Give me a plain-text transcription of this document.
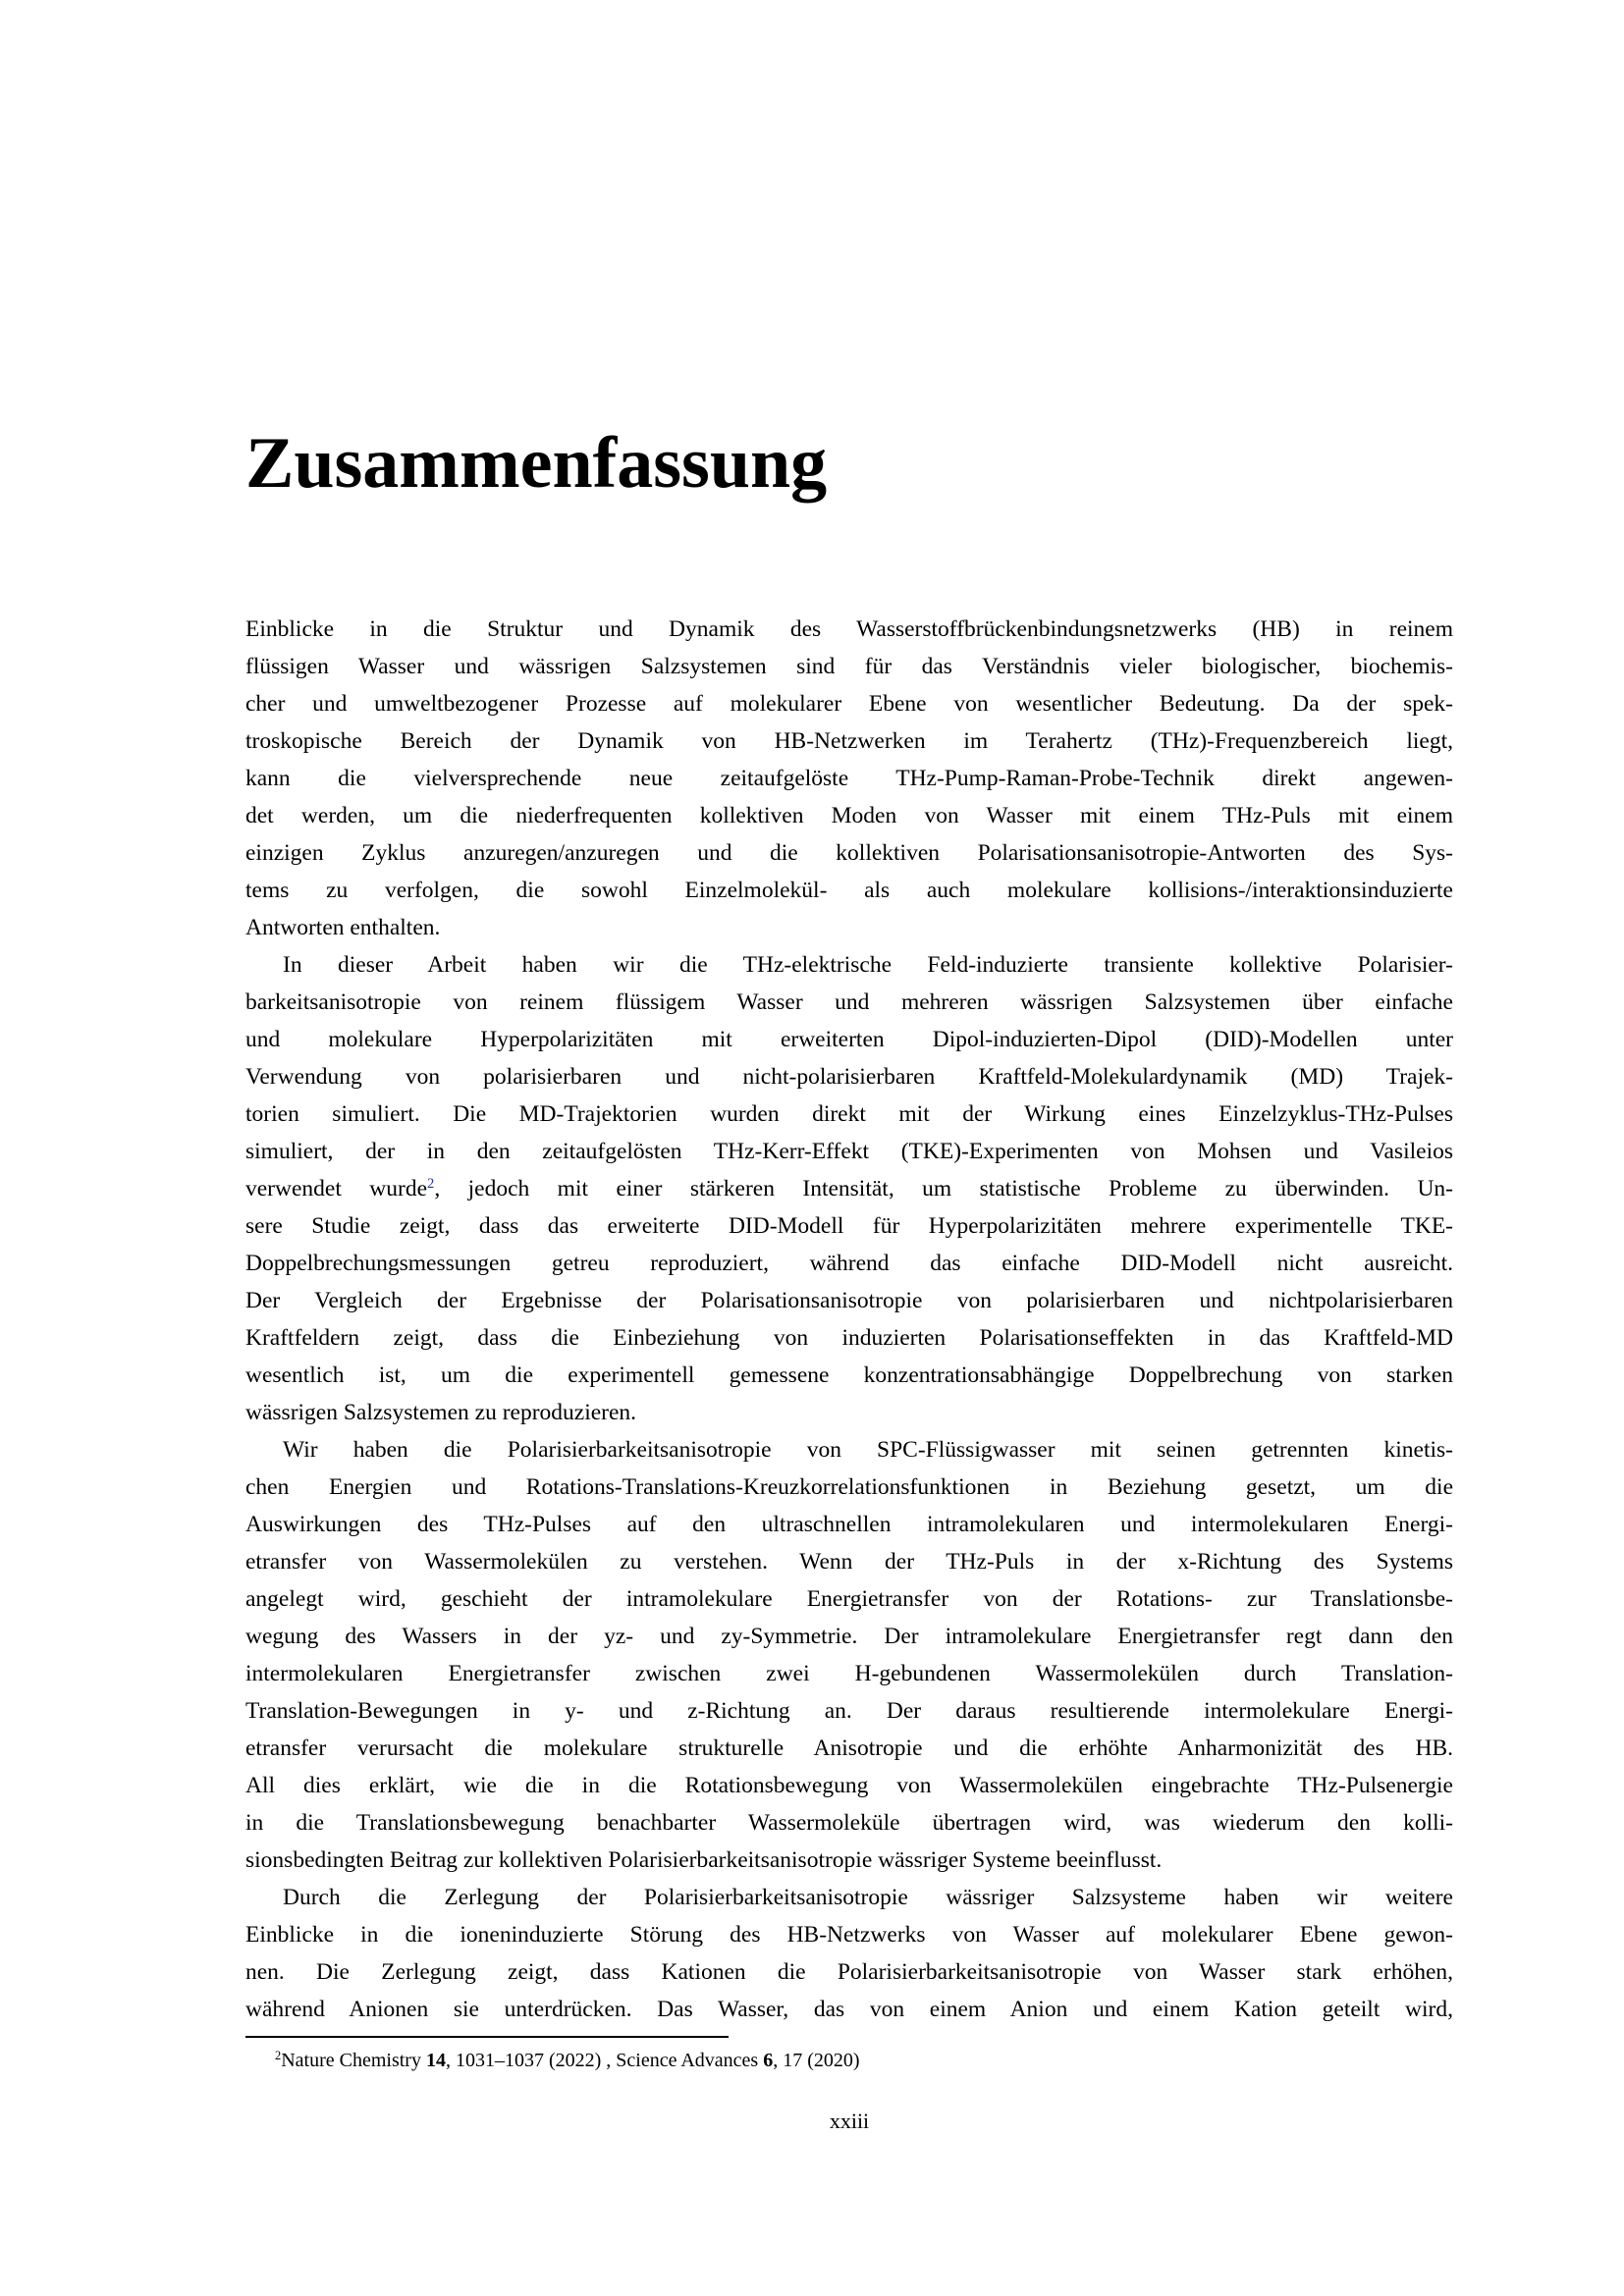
Zusammenfassung
Einblicke in die Struktur und Dynamik des Wasserstoffbrückenbindungsnetzwerks (HB) in reinem
flüssigen Wasser und wässrigen Salzsystemen sind für das Verständnis vieler biologischer, biochemis-
cher und umweltbezogener Prozesse auf molekularer Ebene von wesentlicher Bedeutung. Da der spek-
troskopische Bereich der Dynamik von HB-Netzwerken im Terahertz (THz)-Frequenzbereich liegt,
kann die vielversprechende neue zeitaufgelöste THz-Pump-Raman-Probe-Technik direkt angewen-
det werden, um die niederfrequenten kollektiven Moden von Wasser mit einem THz-Puls mit einem
einzigen Zyklus anzuregen/anzuregen und die kollektiven Polarisationsanisotropie-Antworten des Sys-
tems zu verfolgen, die sowohl Einzelmolekül- als auch molekulare kollisions-/interaktionsinduzierte
Antworten enthalten.
In dieser Arbeit haben wir die THz-elektrische Feld-induzierte transiente kollektive Polarisier-
barkeitsanisotropie von reinem flüssigem Wasser und mehreren wässrigen Salzsystemen über einfache
und molekulare Hyperpolarizitäten mit erweiterten Dipol-induzierten-Dipol (DID)-Modellen unter
Verwendung von polarisierbaren und nicht-polarisierbaren Kraftfeld-Molekulardynamik (MD) Trajek-
torien simuliert. Die MD-Trajektorien wurden direkt mit der Wirkung eines Einzelzyklus-THz-Pulses
simuliert, der in den zeitaufgelösten THz-Kerr-Effekt (TKE)-Experimenten von Mohsen und Vasileios
verwendet wurde$^2$, jedoch mit einer stärkeren Intensität, um statistische Probleme zu überwinden. Un-
sere Studie zeigt, dass das erweiterte DID-Modell für Hyperpolarizitäten mehrere experimentelle TKE-
Doppelbrechungsmessungen getreu reproduziert, während das einfache DID-Modell nicht ausreicht.
Der Vergleich der Ergebnisse der Polarisationsanisotropie von polarisierbaren und nichtpolarisierbaren
Kraftfeldern zeigt, dass die Einbeziehung von induzierten Polarisationseffekten in das Kraftfeld-MD
wesentlich ist, um die experimentell gemessene konzentrationsabhängige Doppelbrechung von starken
wässrigen Salzsystemen zu reproduzieren.
Wir haben die Polarisierbarkeitsanisotropie von SPC-Flüssigwasser mit seinen getrennten kinetis-
chen Energien und Rotations-Translations-Kreuzkorrelationsfunktionen in Beziehung gesetzt, um die
Auswirkungen des THz-Pulses auf den ultraschnellen intramolekularen und intermolekularen Energi-
etransfer von Wassermolekülen zu verstehen. Wenn der THz-Puls in der x-Richtung des Systems
angelegt wird, geschieht der intramolekulare Energietransfer von der Rotations- zur Translationsbe-
wegung des Wassers in der yz- und zy-Symmetrie. Der intramolekulare Energietransfer regt dann den
intermolekularen Energietransfer zwischen zwei H-gebundenen Wassermolekülen durch Translation-
Translation-Bewegungen in y- und z-Richtung an. Der daraus resultierende intermolekulare Energi-
etransfer verursacht die molekulare strukturelle Anisotropie und die erhöhte Anharmonizität des HB.
All dies erklärt, wie die in die Rotationsbewegung von Wassermolekülen eingebrachte THz-Pulsenergie
in die Translationsbewegung benachbarter Wassermoleküle übertragen wird, was wiederum den kolli-
sionsbedingten Beitrag zur kollektiven Polarisierbarkeitsanisotropie wässriger Systeme beeinflusst.
Durch die Zerlegung der Polarisierbarkeitsanisotropie wässriger Salzsysteme haben wir weitere
Einblicke in die ioneninduzierte Störung des HB-Netzwerks von Wasser auf molekularer Ebene gewon-
nen. Die Zerlegung zeigt, dass Kationen die Polarisierbarkeitsanisotropie von Wasser stark erhöhen,
während Anionen sie unterdrücken. Das Wasser, das von einem Anion und einem Kation geteilt wird,
$^2$Nature Chemistry 14, 1031–1037 (2022) , Science Advances 6, 17 (2020)
xxiii
